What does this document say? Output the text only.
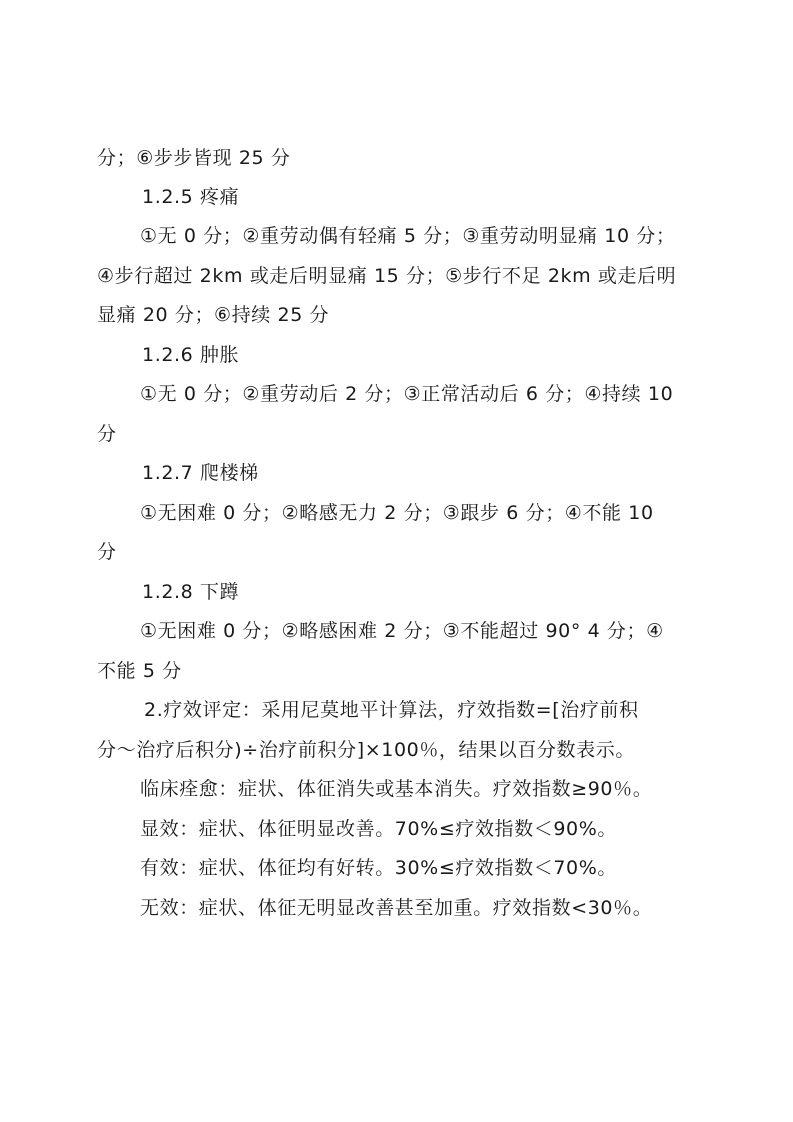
分；⑥步步皆现 25 分
1.2.5 疼痛
①无 0 分；②重劳动偶有轻痛 5 分；③重劳动明显痛 10 分；
④步行超过 2km 或走后明显痛 15 分；⑤步行不足 2km 或走后明
显痛 20 分；⑥持续 25 分
1.2.6 肿胀
①无 0 分；②重劳动后 2 分；③正常活动后 6 分；④持续 10
分
1.2.7 爬楼梯
①无困难 0 分；②略感无力 2 分；③跟步 6 分；④不能 10
分
1.2.8 下蹲
①无困难 0 分；②略感困难 2 分；③不能超过 90° 4 分；④
不能 5 分
2.疗效评定：采用尼莫地平计算法，疗效指数=[治疗前积
分～治疗后积分)÷治疗前积分]×100％，结果以百分数表示。
临床痊愈：症状、体征消失或基本消失。疗效指数≥90％。
显效：症状、体征明显改善。70%≤疗效指数＜90%。
有效：症状、体征均有好转。30%≤疗效指数＜70%。
无效：症状、体征无明显改善甚至加重。疗效指数<30％。
